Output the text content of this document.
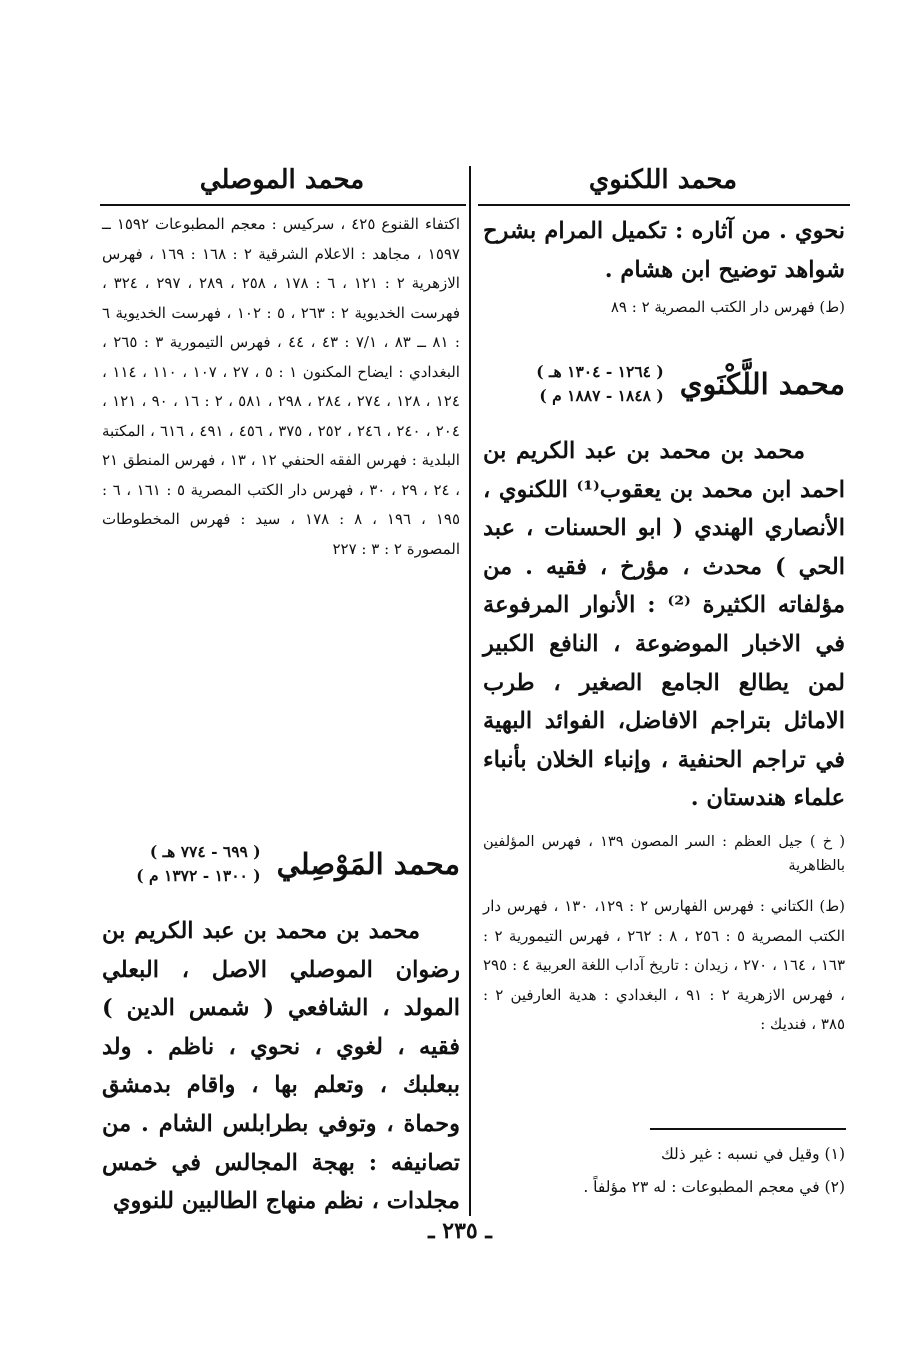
محمد اللكنوي
محمد الموصلي

نحوي . من آثاره : تكميل المرام بشرح شواهد توضيح ابن هشام .

(ط) فهرس دار الكتب المصرية ٢ : ٨٩

محمد اللَّكْنَوي
( ١٢٦٤ - ١٣٠٤ هـ )
( ١٨٤٨ - ١٨٨٧ م )

محمد بن محمد بن عبد الكريم بن احمد ابن محمد بن يعقوب⁽¹⁾ اللكنوي ، الأنصاري الهندي ( ابو الحسنات ، عبد الحي ) محدث ، مؤرخ ، فقيه . من مؤلفاته الكثيرة ⁽²⁾ : الأنوار المرفوعة في الاخبار الموضوعة ، النافع الكبير لمن يطالع الجامع الصغير ، طرب الاماثل بتراجم الافاضل، الفوائد البهية في تراجم الحنفية ، وإنباء الخلان بأنباء علماء هندستان .

( خ ) جيل العظم : السر المصون ١٣٩ ، فهرس المؤلفين بالظاهرية

(ط) الكتاني : فهرس الفهارس ٢ : ١٢٩، ١٣٠ ، فهرس دار الكتب المصرية ٥ : ٢٥٦ ، ٨ : ٢٦٢ ، فهرس التيمورية ٢ : ١٦٣ ، ١٦٤ ، ٢٧٠ ، زيدان : تاريخ آداب اللغة العربية ٤ : ٢٩٥ ، فهرس الازهرية ٢ : ٩١ ، البغدادي : هدية العارفين ٢ : ٣٨٥ ، فنديك :

(١) وقيل في نسبه : غير ذلك

(٢) في معجم المطبوعات : له ٢٣ مؤلفاً .

اكتفاء القنوع ٤٢٥ ، سركيس : معجم المطبوعات ١٥٩٢ ــ ١٥٩٧ ، مجاهد : الاعلام الشرقية ٢ : ١٦٨ : ١٦٩ ، فهرس الازهرية ٢ : ١٢١ ، ٦ : ١٧٨ ، ٢٥٨ ، ٢٨٩ ، ٢٩٧ ، ٣٢٤ ، فهرست الخديوية ٢ : ٢٦٣ ، ٥ : ١٠٢ ، فهرست الخديوية ٦ : ٨١ ــ ٨٣ ، ٧/١ : ٤٣ ، ٤٤ ، فهرس التيمورية ٣ : ٢٦٥ ، البغدادي : ايضاح المكنون ١ : ٥ ، ٢٧ ، ١٠٧ ، ١١٠ ، ١١٤ ، ١٢٤ ، ١٢٨ ، ٢٧٤ ، ٢٨٤ ، ٢٩٨ ، ٥٨١ ، ٢ : ١٦ ، ٩٠ ، ١٢١ ، ٢٠٤ ، ٢٤٠ ، ٢٤٦ ، ٢٥٢ ، ٣٧٥ ، ٤٥٦ ، ٤٩١ ، ٦١٦ ، المكتبة البلدية : فهرس الفقه الحنفي ١٢ ، ١٣ ، فهرس المنطق ٢١ ، ٢٤ ، ٢٩ ، ٣٠ ، فهرس دار الكتب المصرية ٥ : ١٦١ ، ٦ : ١٩٥ ، ١٩٦ ، ٨ : ١٧٨ ، سيد : فهرس المخطوطات المصورة ٢ : ٣ : ٢٢٧

محمد المَوْصِلي
( ٦٩٩ - ٧٧٤ هـ )
( ١٣٠٠ - ١٣٧٢ م )

محمد بن محمد بن عبد الكريم بن رضوان الموصلي الاصل ، البعلي المولد ، الشافعي ( شمس الدين ) فقيه ، لغوي ، نحوي ، ناظم . ولد ببعلبك ، وتعلم بها ، واقام بدمشق وحماة ، وتوفي بطرابلس الشام . من تصانيفه : بهجة المجالس في خمس مجلدات ، نظم منهاج الطالبين للنووي

ـ ٢٣٥ ـ
